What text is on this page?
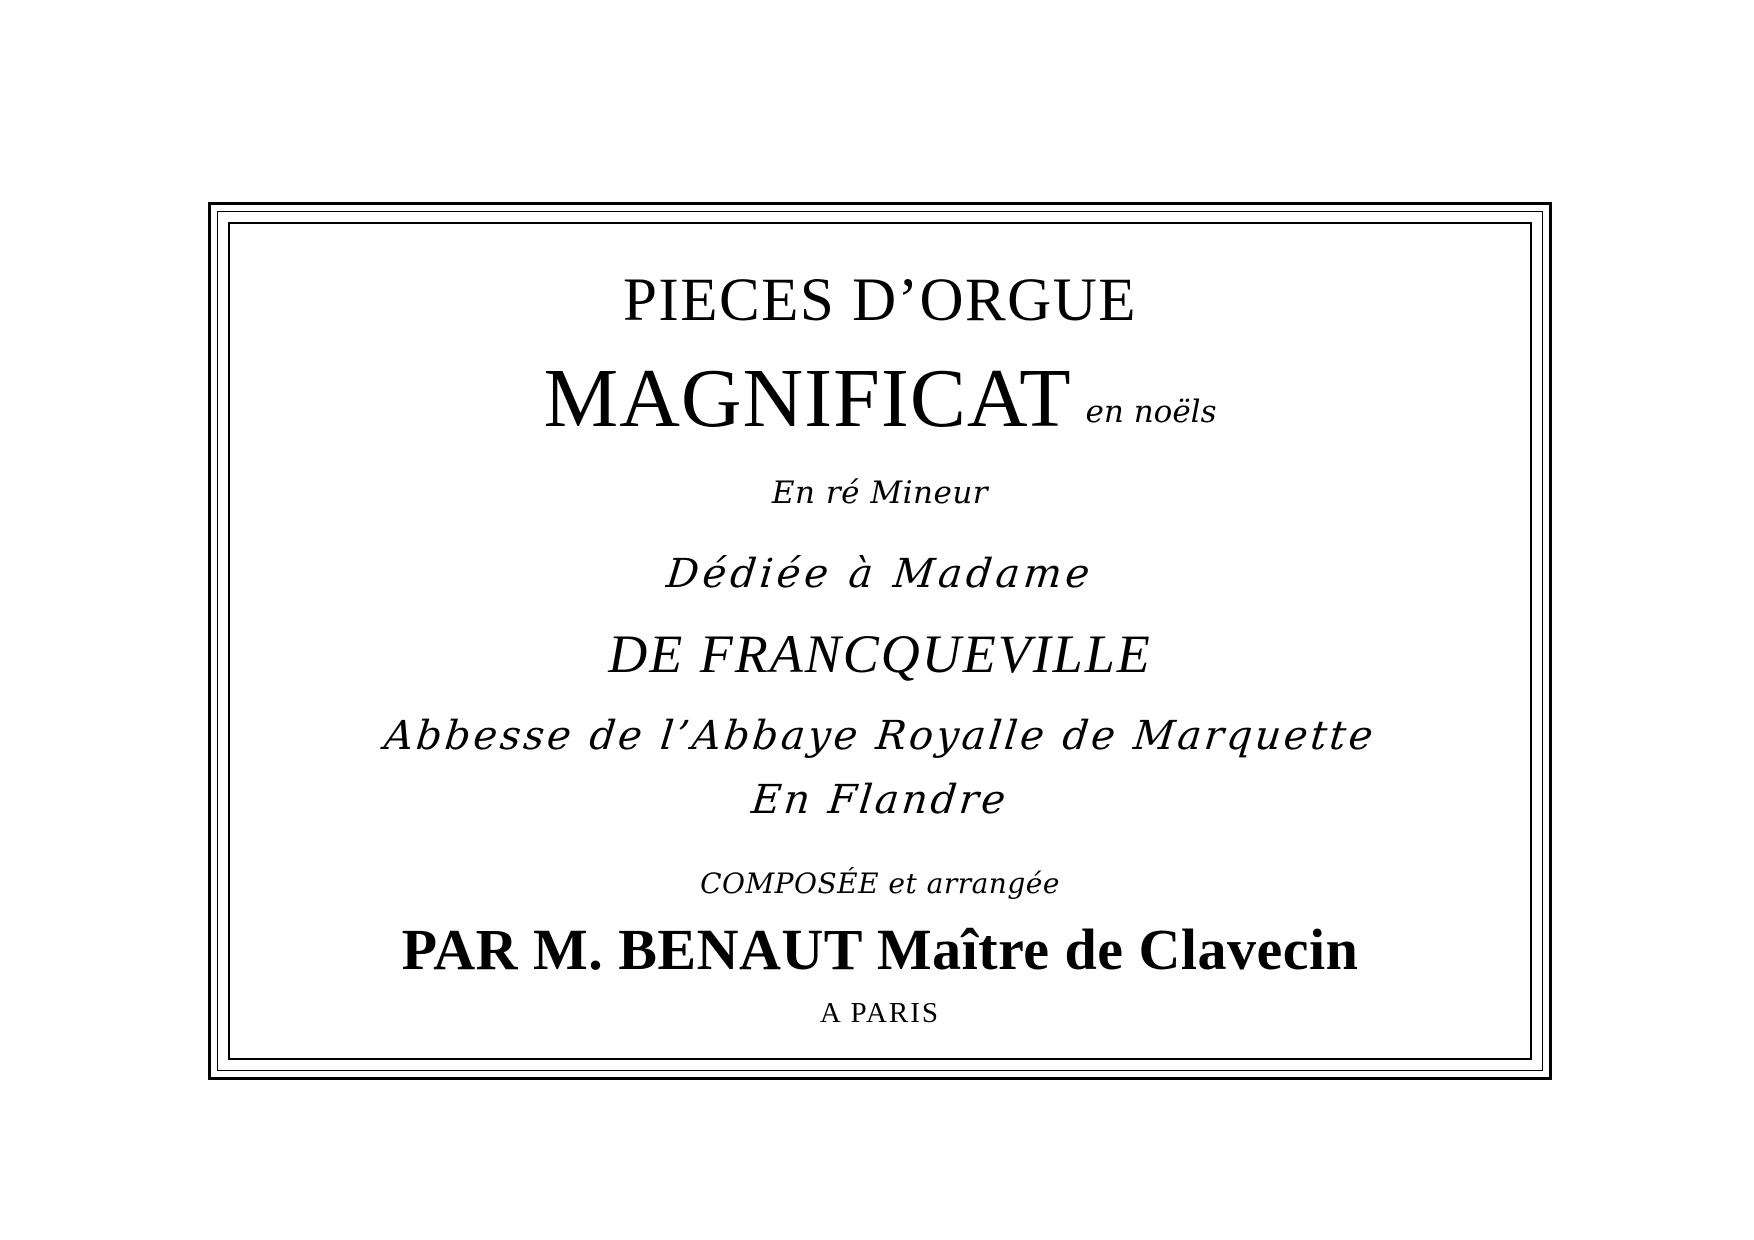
PIECES D’ORGUE
MAGNIFICAT en noëls
En ré Mineur
Dédiée à Madame
DE FRANCQUEVILLE
Abbesse de l’Abbaye Royalle de Marquette
En Flandre
COMPOSÉE et arrangée
PAR M. BENAUT Maître de Clavecin
A PARIS
